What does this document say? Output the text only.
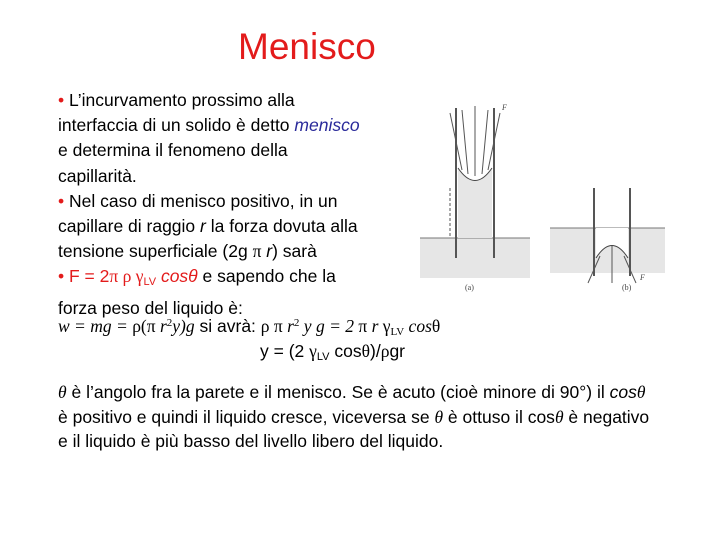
Menisco
• L’incurvamento prossimo alla
interfaccia di un solido è detto menisco
e determina il fenomeno della
capillarità.
• Nel caso di menisco positivo, in un
capillare di raggio r la forza dovuta alla
tensione superficiale (2g π r) sarà
• F = 2π ρ $\gamma_{LV}$ cosθ e sapendo che la
forza peso del liquido è:
w = mg = ρ(π $r^2y)g$ si avrà: ρ π $r^2$ y g = 2 π r $\gamma_{LV}$ cosθ
y = (2 $\gamma_{LV}$ cosθ)/ρgr
θ è l’angolo fra la parete e il menisco. Se è acuto (cioè minore di 90°) il cosθ è positivo e quindi il liquido cresce, viceversa se θ è ottuso il cosθ è negativo e il liquido è più basso del livello libero del liquido.
(a)
F
(b)
F
